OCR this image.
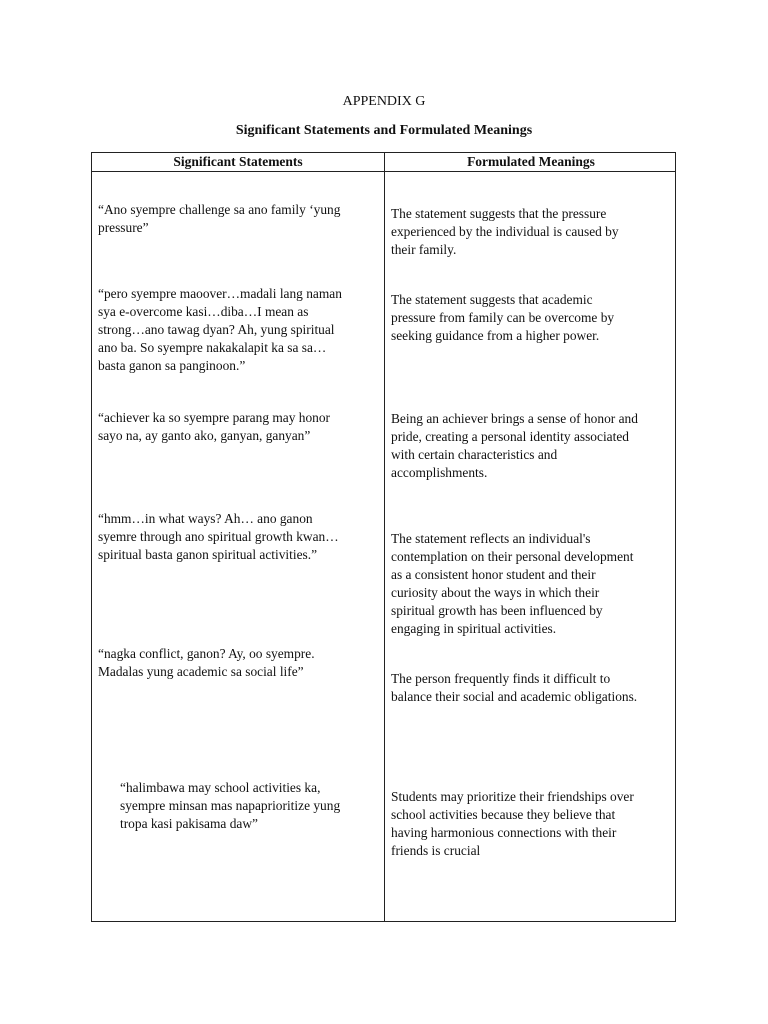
APPENDIX G
Significant Statements and Formulated Meanings
Significant Statements	Formulated Meanings
“Ano syempre challenge sa ano family ‘yung
pressure”
The statement suggests that the pressure
experienced by the individual is caused by
their family.
“pero syempre maoover…madali lang naman
sya e-overcome kasi…diba…I mean as
strong…ano tawag dyan? Ah, yung spiritual
ano ba. So syempre nakakalapit ka sa sa…
basta ganon sa panginoon.”
The statement suggests that academic
pressure from family can be overcome by
seeking guidance from a higher power.
“achiever ka so syempre parang may honor
sayo na, ay ganto ako, ganyan, ganyan”
Being an achiever brings a sense of honor and
pride, creating a personal identity associated
with certain characteristics and
accomplishments.
“hmm…in what ways? Ah… ano ganon
syemre through ano spiritual growth kwan…
spiritual basta ganon spiritual activities.”
The statement reflects an individual's
contemplation on their personal development
as a consistent honor student and their
curiosity about the ways in which their
spiritual growth has been influenced by
engaging in spiritual activities.
“nagka conflict, ganon? Ay, oo syempre.
Madalas yung academic sa social life”	The person frequently finds it difficult to
balance their social and academic obligations.
“halimbawa may school activities ka,
syempre minsan mas napaprioritize yung
tropa kasi pakisama daw”
Students may prioritize their friendships over
school activities because they believe that
having harmonious connections with their
friends is crucial
